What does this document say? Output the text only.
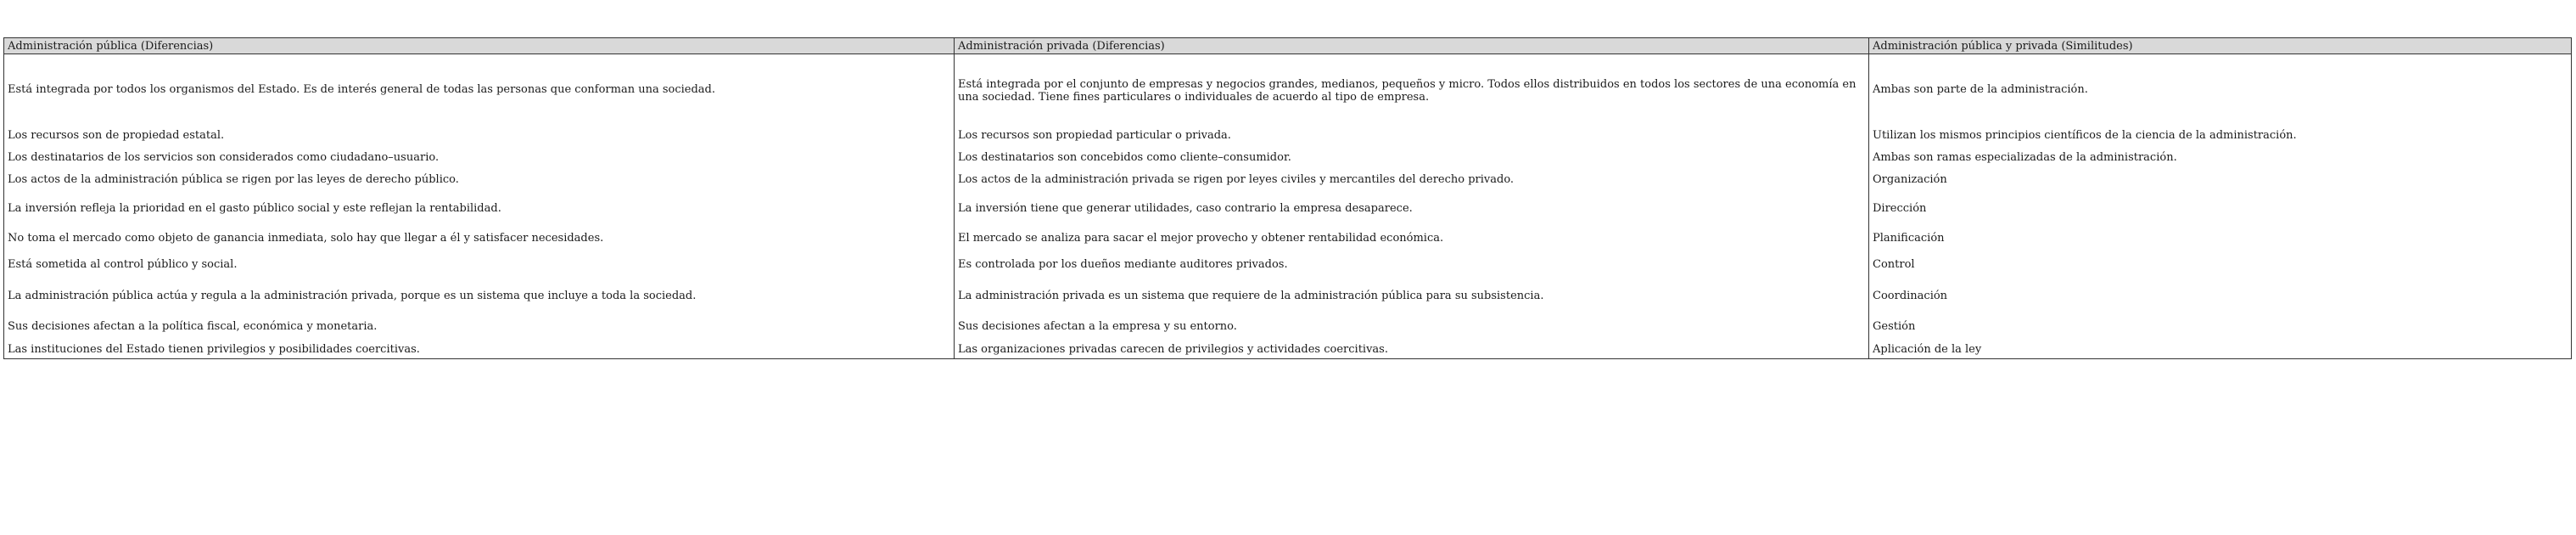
Administración pública (Diferencias)	Administración privada (Diferencias)	Administración pública y privada (Similitudes)
Está integrada por todos los organismos del Estado. Es de interés general de todas las personas que conforman una sociedad.	Está integrada por el conjunto de empresas y negocios grandes, medianos, pequeños y micro. Todos ellos distribuidos en todos los sectores de una economía en una sociedad. Tiene fines particulares o individuales de acuerdo al tipo de empresa.	Ambas son parte de la administración.
Los recursos son de propiedad estatal.	Los recursos son propiedad particular o privada.	Utilizan los mismos principios científicos de la ciencia de la administración.
Los destinatarios de los servicios son considerados como ciudadano–usuario.	Los destinatarios son concebidos como cliente–consumidor.	Ambas son ramas especializadas de la administración.
Los actos de la administración pública se rigen por las leyes de derecho público.	Los actos de la administración privada se rigen por leyes civiles y mercantiles del derecho privado.	Organización
La inversión refleja la prioridad en el gasto público social y este reflejan la rentabilidad.	La inversión tiene que generar utilidades, caso contrario la empresa desaparece.	Dirección
No toma el mercado como objeto de ganancia inmediata, solo hay que llegar a él y satisfacer necesidades.	El mercado se analiza para sacar el mejor provecho y obtener rentabilidad económica.	Planificación
Está sometida al control público y social.	Es controlada por los dueños mediante auditores privados.	Control
La administración pública actúa y regula a la administración privada, porque es un sistema que incluye a toda la sociedad.	La administración privada es un sistema que requiere de la administración pública para su subsistencia.	Coordinación
Sus decisiones afectan a la política fiscal, económica y monetaria.	Sus decisiones afectan a la empresa y su entorno.	Gestión
Las instituciones del Estado tienen privilegios y posibilidades coercitivas.	Las organizaciones privadas carecen de privilegios y actividades coercitivas.	Aplicación de la ley
